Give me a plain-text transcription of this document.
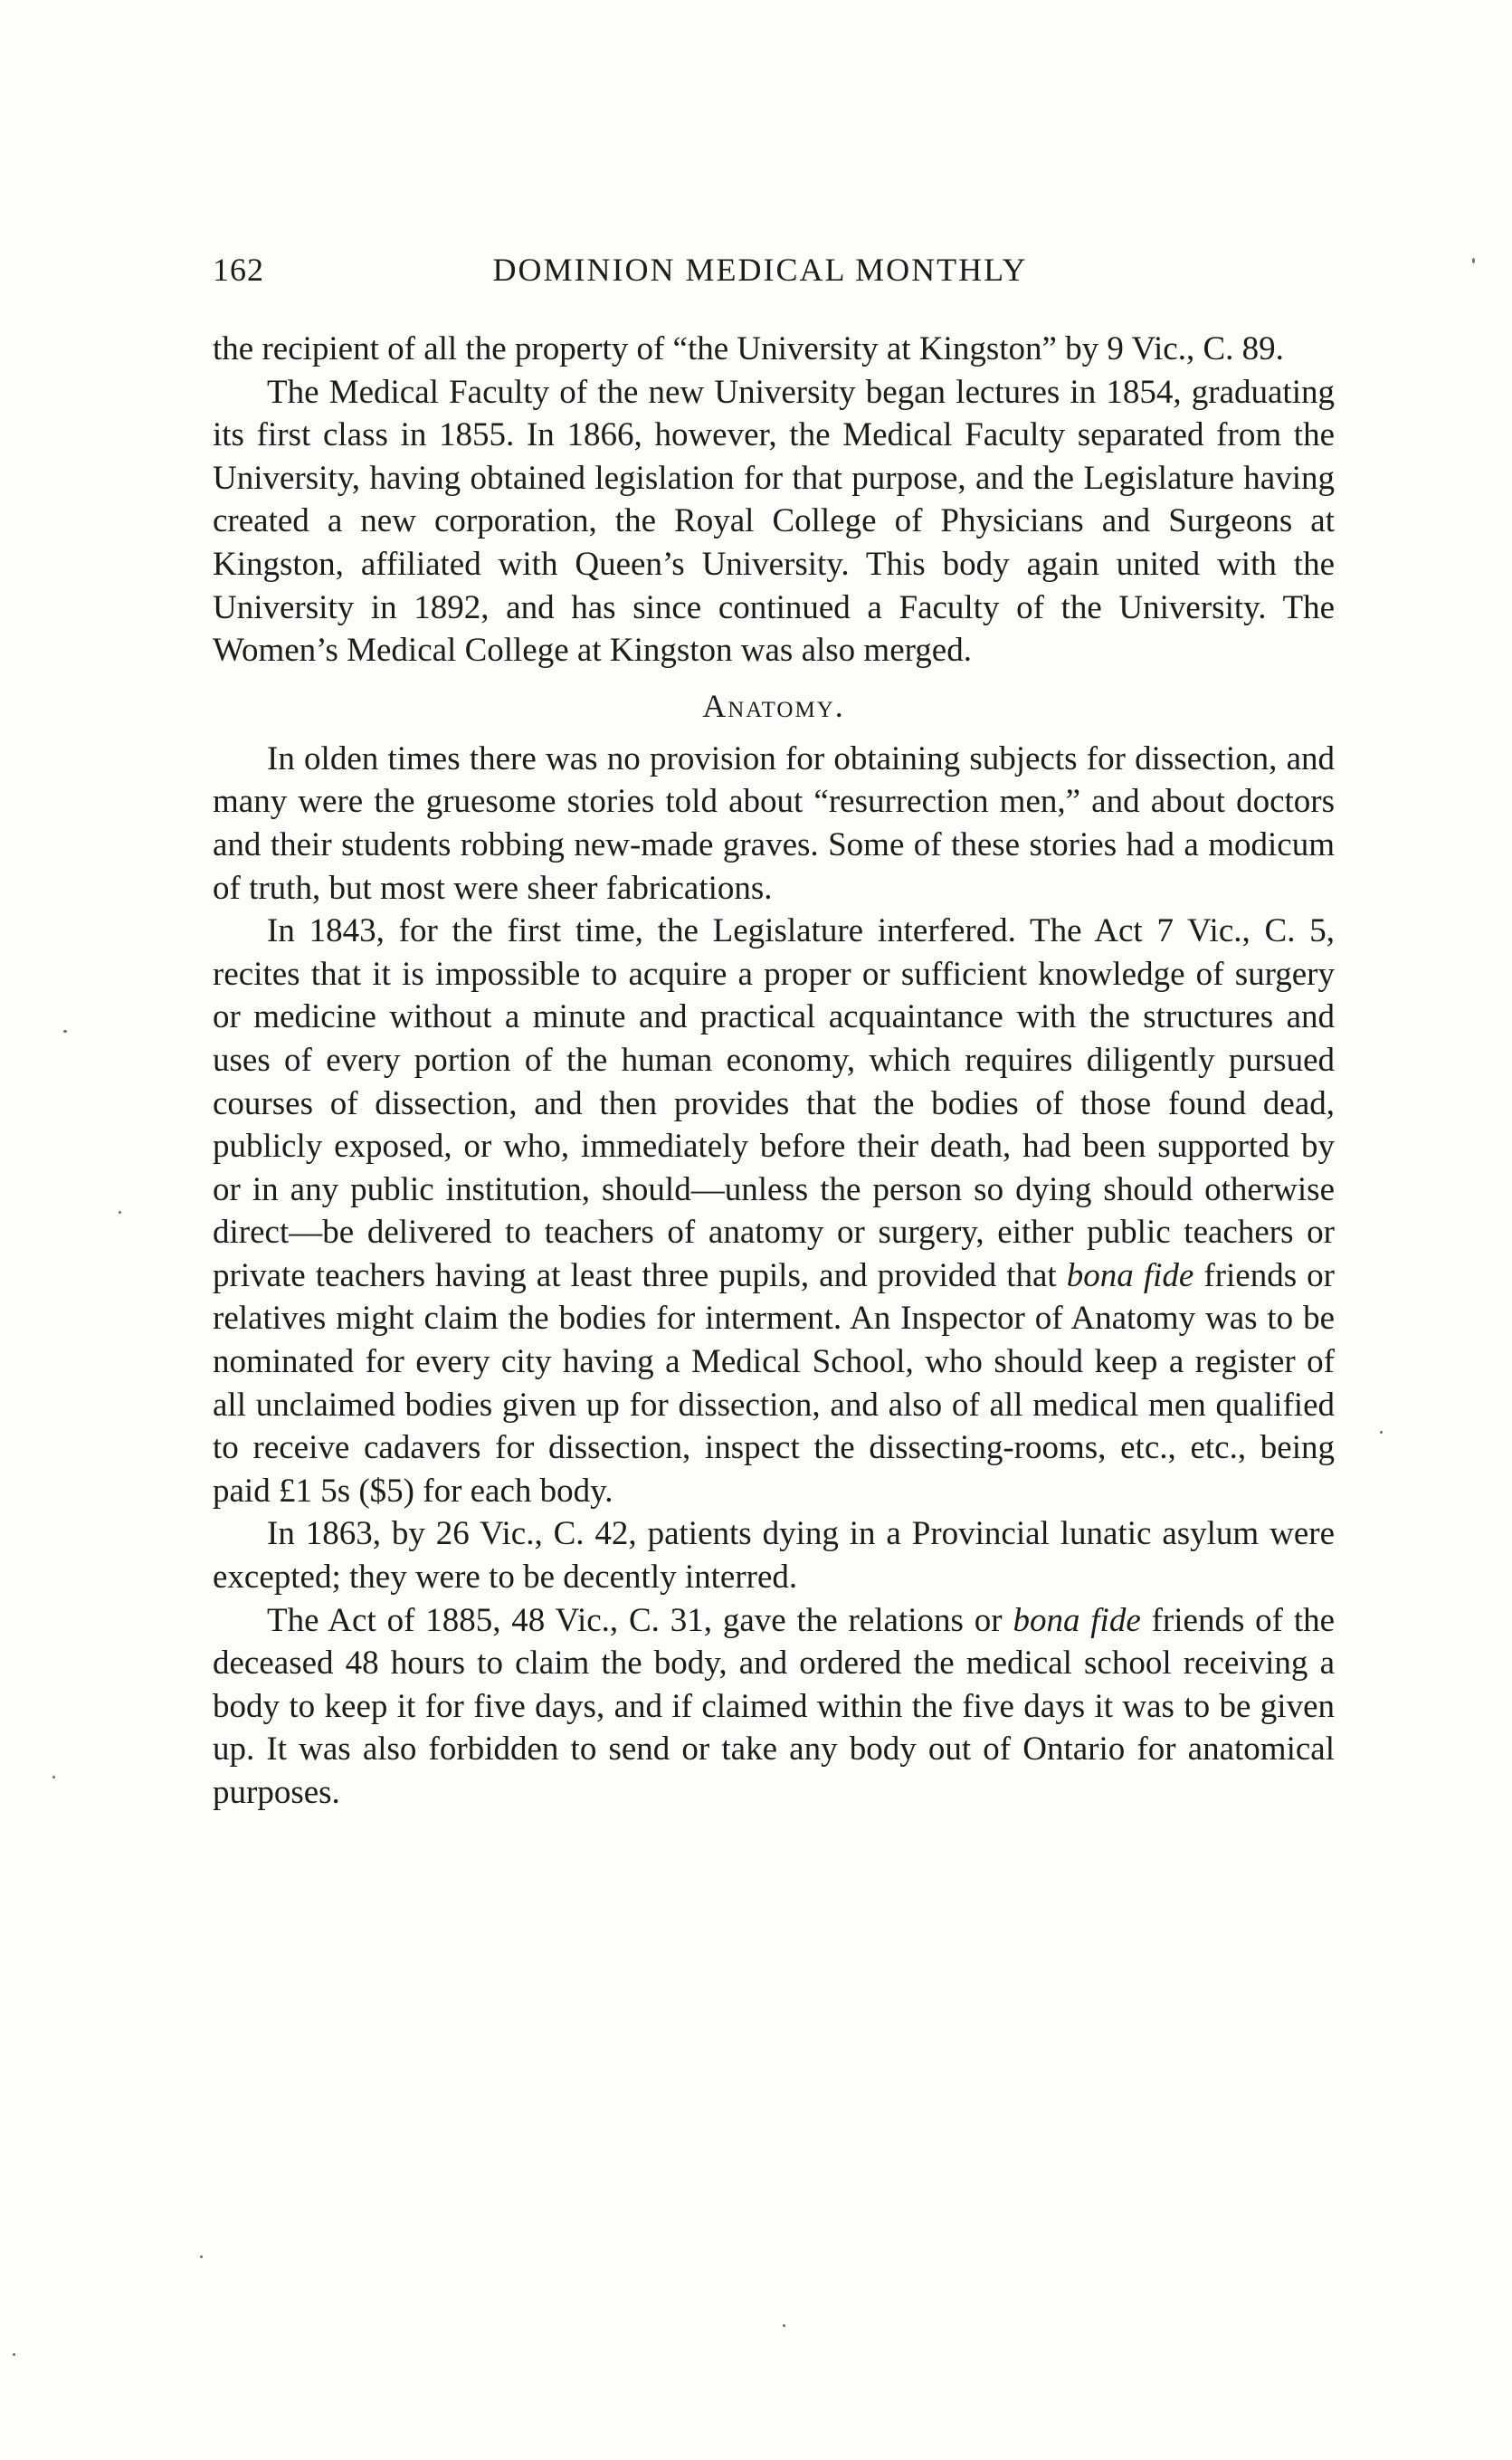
162	DOMINION MEDICAL MONTHLY

the recipient of all the property of “the University at Kingston” by 9 Vic., C. 89.

The Medical Faculty of the new University began lectures in 1854, graduating its first class in 1855. In 1866, however, the Medical Faculty separated from the University, having obtained legislation for that purpose, and the Legislature having created a new corporation, the Royal College of Physicians and Surgeons at Kingston, affiliated with Queen’s University. This body again united with the University in 1892, and has since continued a Faculty of the University. The Women’s Medical College at Kingston was also merged.

Anatomy.

In olden times there was no provision for obtaining subjects for dissection, and many were the gruesome stories told about “resurrection men,” and about doctors and their students robbing new-made graves. Some of these stories had a modicum of truth, but most were sheer fabrications.

In 1843, for the first time, the Legislature interfered. The Act 7 Vic., C. 5, recites that it is impossible to acquire a proper or sufficient knowledge of surgery or medicine without a minute and practical acquaintance with the structures and uses of every portion of the human economy, which requires diligently pursued courses of dissection, and then provides that the bodies of those found dead, publicly exposed, or who, immediately before their death, had been supported by or in any public institution, should—unless the person so dying should otherwise direct—be delivered to teachers of anatomy or surgery, either public teachers or private teachers having at least three pupils, and provided that bona fide friends or relatives might claim the bodies for interment. An Inspector of Anatomy was to be nominated for every city having a Medical School, who should keep a register of all unclaimed bodies given up for dissection, and also of all medical men qualified to receive cadavers for dissection, inspect the dissecting-rooms, etc., etc., being paid £1 5s ($5) for each body.

In 1863, by 26 Vic., C. 42, patients dying in a Provincial lunatic asylum were excepted; they were to be decently interred.

The Act of 1885, 48 Vic., C. 31, gave the relations or bona fide friends of the deceased 48 hours to claim the body, and ordered the medical school receiving a body to keep it for five days, and if claimed within the five days it was to be given up. It was also forbidden to send or take any body out of Ontario for anatomical purposes.
